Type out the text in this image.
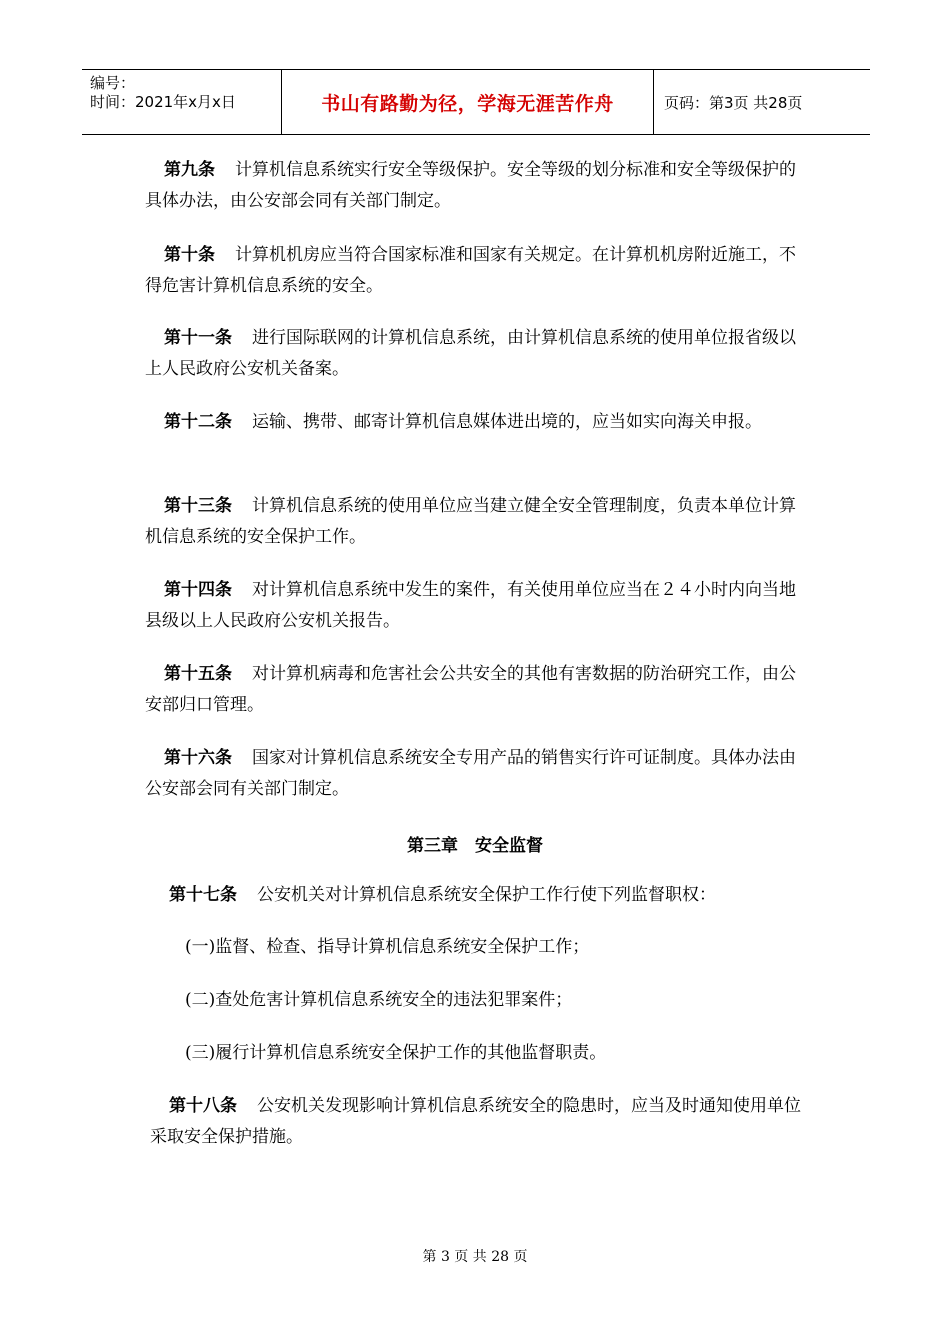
编号：
时间：2021年x月x日	书山有路勤为径，学海无涯苦作舟	页码：第3页 共28页
第九条 计算机信息系统实行安全等级保护。安全等级的划分标准和安全等级保护的具体办法，由公安部会同有关部门制定。
第十条 计算机机房应当符合国家标准和国家有关规定。在计算机机房附近施工，不得危害计算机信息系统的安全。
第十一条 进行国际联网的计算机信息系统，由计算机信息系统的使用单位报省级以上人民政府公安机关备案。
第十二条 运输、携带、邮寄计算机信息媒体进出境的，应当如实向海关申报。
第十三条 计算机信息系统的使用单位应当建立健全安全管理制度，负责本单位计算机信息系统的安全保护工作。
第十四条 对计算机信息系统中发生的案件，有关使用单位应当在２４小时内向当地县级以上人民政府公安机关报告。
第十五条 对计算机病毒和危害社会公共安全的其他有害数据的防治研究工作，由公安部归口管理。
第十六条 国家对计算机信息系统安全专用产品的销售实行许可证制度。具体办法由公安部会同有关部门制定。
第三章　安全监督
第十七条 公安机关对计算机信息系统安全保护工作行使下列监督职权：
(一)监督、检查、指导计算机信息系统安全保护工作；
(二)查处危害计算机信息系统安全的违法犯罪案件；
(三)履行计算机信息系统安全保护工作的其他监督职责。
第十八条 公安机关发现影响计算机信息系统安全的隐患时，应当及时通知使用单位采取安全保护措施。
第 3 页 共 28 页
